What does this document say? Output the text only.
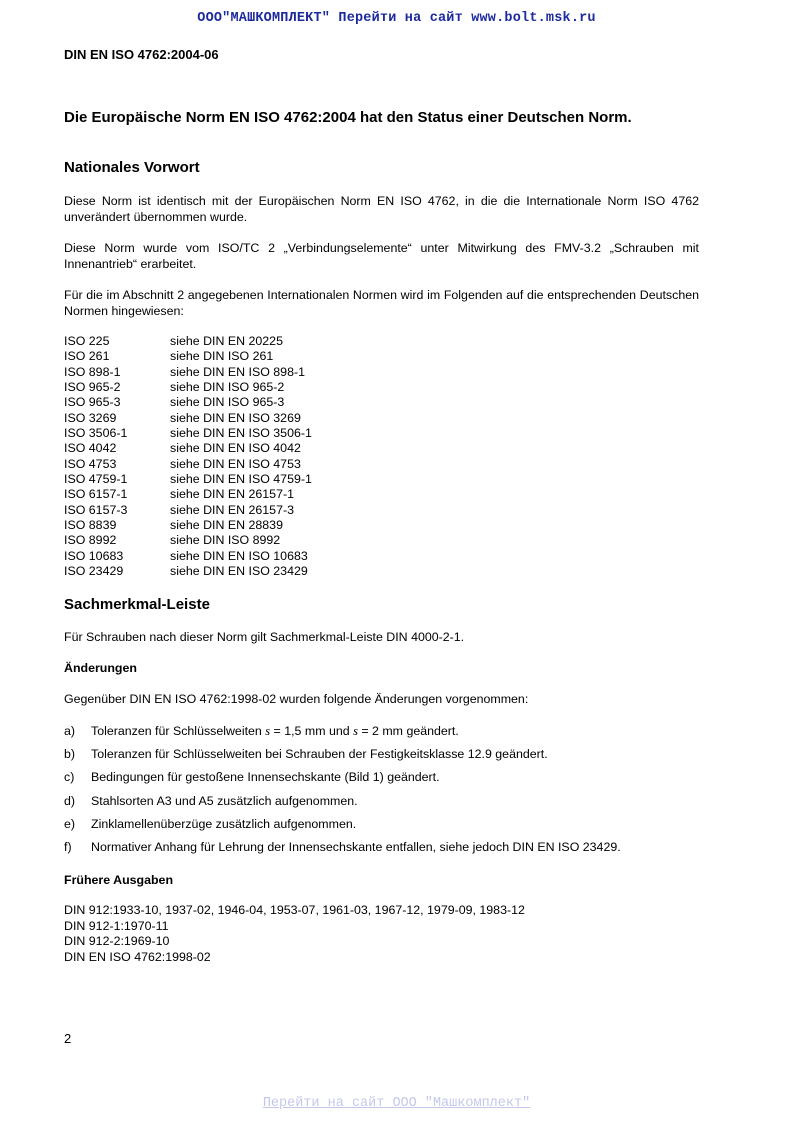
ООО"МАШКОМПЛЕКТ" Перейти на сайт www.bolt.msk.ru
DIN EN ISO 4762:2004-06
Die Europäische Norm EN ISO 4762:2004 hat den Status einer Deutschen Norm.
Nationales Vorwort
Diese Norm ist identisch mit der Europäischen Norm EN ISO 4762, in die die Internationale Norm ISO 4762 unverändert übernommen wurde.
Diese Norm wurde vom ISO/TC 2 „Verbindungselemente“ unter Mitwirkung des FMV-3.2 „Schrauben mit Innenantrieb“ erarbeitet.
Für die im Abschnitt 2 angegebenen Internationalen Normen wird im Folgenden auf die entsprechenden Deutschen Normen hingewiesen:
ISO 225	siehe DIN EN 20225
ISO 261	siehe DIN ISO 261
ISO 898-1	siehe DIN EN ISO 898-1
ISO 965-2	siehe DIN ISO 965-2
ISO 965-3	siehe DIN ISO 965-3
ISO 3269	siehe DIN EN ISO 3269
ISO 3506-1	siehe DIN EN ISO 3506-1
ISO 4042	siehe DIN EN ISO 4042
ISO 4753	siehe DIN EN ISO 4753
ISO 4759-1	siehe DIN EN ISO 4759-1
ISO 6157-1	siehe DIN EN 26157-1
ISO 6157-3	siehe DIN EN 26157-3
ISO 8839	siehe DIN EN 28839
ISO 8992	siehe DIN ISO 8992
ISO 10683	siehe DIN EN ISO 10683
ISO 23429	siehe DIN EN ISO 23429
Sachmerkmal-Leiste
Für Schrauben nach dieser Norm gilt Sachmerkmal-Leiste DIN 4000-2-1.
Änderungen
Gegenüber DIN EN ISO 4762:1998-02 wurden folgende Änderungen vorgenommen:
a)	Toleranzen für Schlüsselweiten s = 1,5 mm und s = 2 mm geändert.
b)	Toleranzen für Schlüsselweiten bei Schrauben der Festigkeitsklasse 12.9 geändert.
c)	Bedingungen für gestoßene Innensechskante (Bild 1) geändert.
d)	Stahlsorten A3 und A5 zusätzlich aufgenommen.
e)	Zinklamellenüberzüge zusätzlich aufgenommen.
f)	Normativer Anhang für Lehrung der Innensechskante entfallen, siehe jedoch DIN EN ISO 23429.
Frühere Ausgaben
DIN 912:1933-10, 1937-02, 1946-04, 1953-07, 1961-03, 1967-12, 1979-09, 1983-12
DIN 912-1:1970-11
DIN 912-2:1969-10
DIN EN ISO 4762:1998-02
2
Перейти на сайт ООО "Машкомплект"
